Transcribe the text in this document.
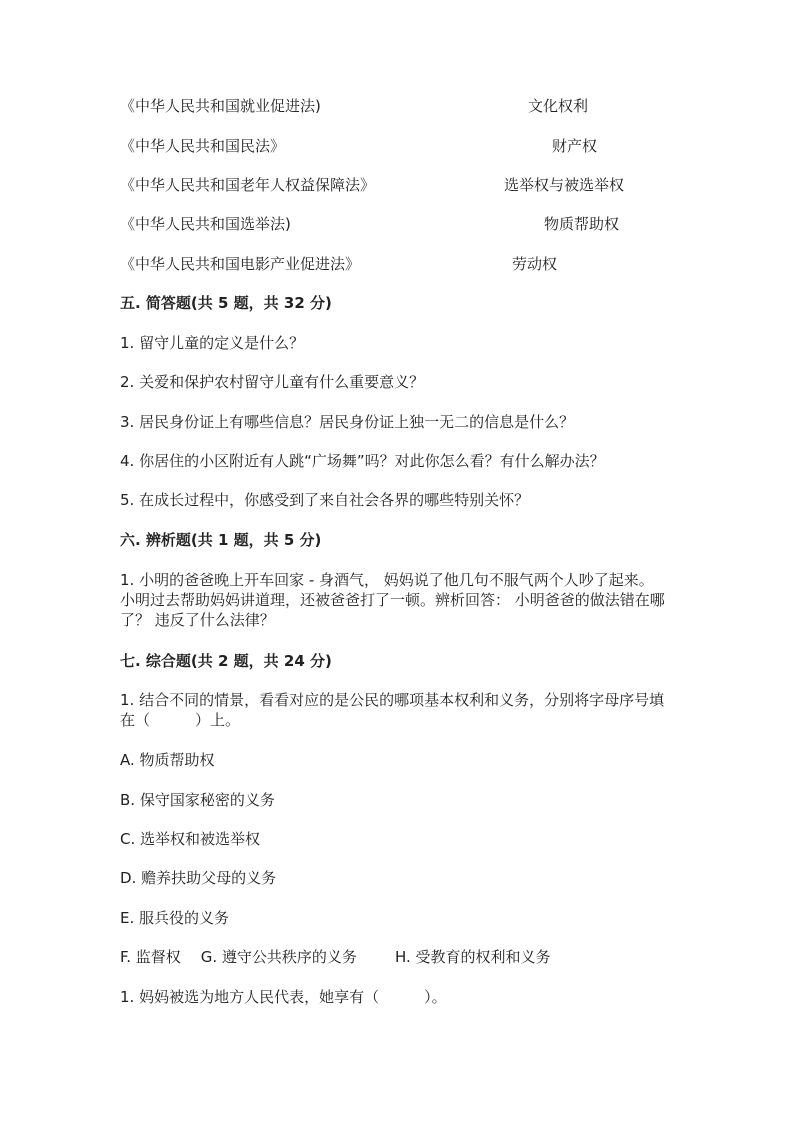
《中华人民共和国就业促进法)	文化权利
《中华人民共和国民法》	财产权
《中华人民共和国老年人权益保障法》	选举权与被选举权
《中华人民共和国选举法)	物质帮助权
《中华人民共和国电影产业促进法》	劳动权
五. 简答题(共 5 题，共 32 分)
1. 留守儿童的定义是什么？
2. 关爱和保护农村留守儿童有什么重要意义？
3. 居民身份证上有哪些信息？居民身份证上独一无二的信息是什么？
4. 你居住的小区附近有人跳“广场舞”吗？对此你怎么看？有什么解办法？
5. 在成长过程中，你感受到了来自社会各界的哪些特别关怀？
六. 辨析题(共 1 题，共 5 分)
1. 小明的爸爸晚上开车回家 - 身酒气， 妈妈说了他几句不服气两个人吵了起来。 小明过去帮助妈妈讲道理，还被爸爸打了一顿。辨析回答： 小明爸爸的做法错在哪了？ 违反了什么法律？
七. 综合题(共 2 题，共 24 分)
1. 结合不同的情景，看看对应的是公民的哪项基本权利和义务，分别将字母序号填在（　　　）上。
A. 物质帮助权
B. 保守国家秘密的义务
C. 选举权和被选举权
D. 赡养扶助父母的义务
E. 服兵役的义务
F. 监督权 G. 遵守公共秩序的义务	H. 受教育的权利和义务
1. 妈妈被选为地方人民代表，她享有（　　　）。
